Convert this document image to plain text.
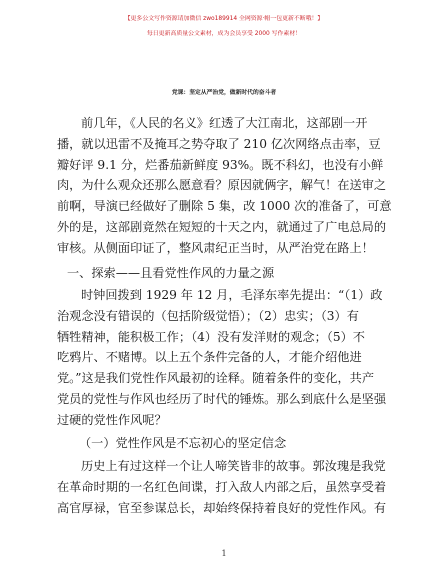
【更多公文写作资源请加微信 zwo189914 全网资源·帽一包更新不断哦！】
每日更新高质量公文素材，成为会员享受 2000 写作素材！
党课：坚定从严治党，做新时代的奋斗者
前几年，《人民的名义》红透了大江南北，这部剧一开
播，就以迅雷不及掩耳之势夺取了 210 亿次网络点击率，豆
瓣好评 9.1 分，烂番茄新鲜度 93%。既不科幻，也没有小鲜
肉，为什么观众还那么愿意看？原因就俩字，解气！在送审之
前啊，导演已经做好了删除 5 集，改 1000 次的准备了，可意
外的是，这部剧竟然在短短的十天之内，就通过了广电总局的
审核。从侧面印证了，整风肃纪正当时，从严治党在路上！
一、探索——且看党性作风的力量之源
时钟回拨到 1929 年 12 月，毛泽东率先提出：“（1）政
治观念没有错误的（包括阶级觉悟）；（2）忠实；（3）有
牺牲精神，能积极工作；（4）没有发洋财的观念；（5）不
吃鸦片、不赌博。以上五个条件完备的人，才能介绍他进
党。”这是我们党性作风最初的诠释。随着条件的变化，共产
党员的党性与作风也经历了时代的锤炼。那么到底什么是坚强
过硬的党性作风呢？
（一）党性作风是不忘初心的坚定信念
历史上有过这样一个让人啼笑皆非的故事。郭汝瑰是我党
在革命时期的一名红色间谍，打入敌人内部之后，虽然享受着
高官厚禄，官至参谋总长，却始终保持着良好的党性作风。有
1
